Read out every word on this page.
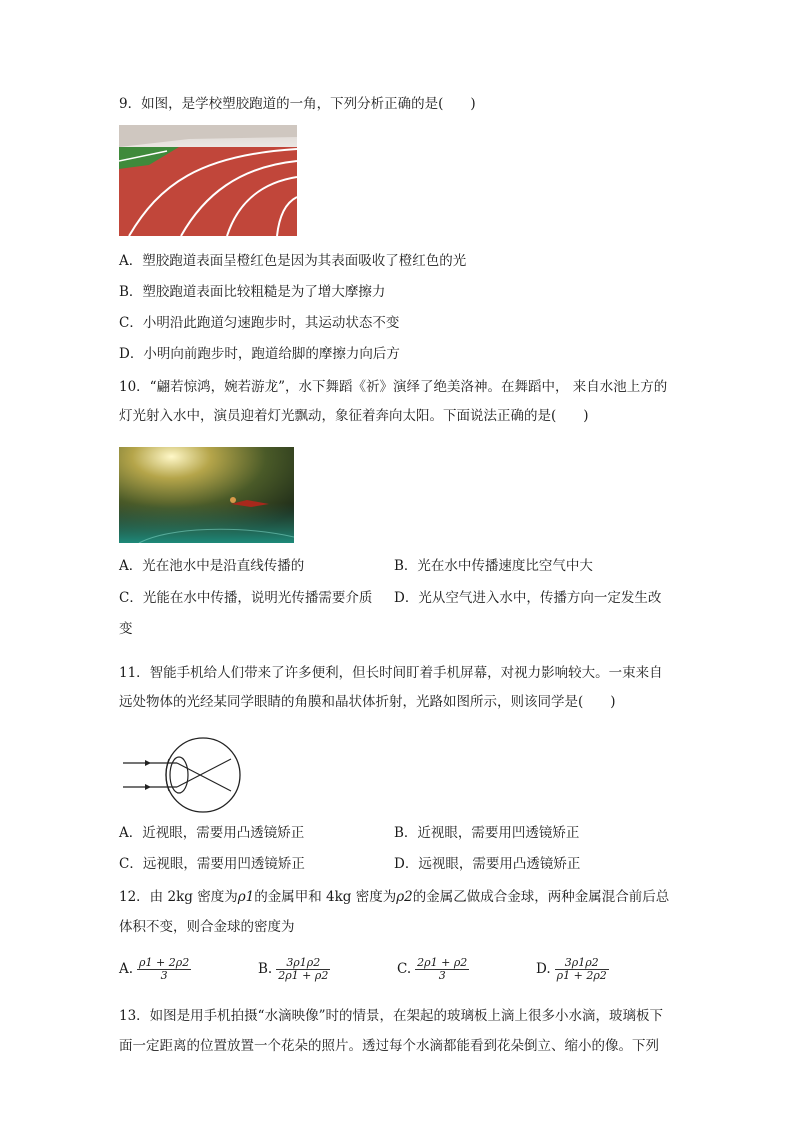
9．如图，是学校塑胶跑道的一角，下列分析正确的是(　　)
A．塑胶跑道表面呈橙红色是因为其表面吸收了橙红色的光
B．塑胶跑道表面比较粗糙是为了增大摩擦力
C．小明沿此跑道匀速跑步时，其运动状态不变
D．小明向前跑步时，跑道给脚的摩擦力向后方
10．“翩若惊鸿，婉若游龙”，水下舞蹈《祈》演绎了绝美洛神。在舞蹈中， 来自水池上方的
灯光射入水中，演员迎着灯光飘动，象征着奔向太阳。下面说法正确的是(　　)
A．光在池水中是沿直线传播的	B．光在水中传播速度比空气中大
C．光能在水中传播，说明光传播需要介质 D．光从空气进入水中，传播方向一定发生改
变
11．智能手机给人们带来了许多便利，但长时间盯着手机屏幕，对视力影响较大。一束来自
远处物体的光经某同学眼睛的角膜和晶状体折射，光路如图所示，则该同学是(　　)
A．近视眼，需要用凸透镜矫正	B．近视眼，需要用凹透镜矫正
C．远视眼，需要用凹透镜矫正	D．远视眼，需要用凸透镜矫正
12．由 2kg 密度为ρ1的金属甲和 4kg 密度为ρ2的金属乙做成合金球，两种金属混合前后总
体积不变，则合金球的密度为
A. $\frac{\rho 1 + 2\rho 2}{3}$	B. $\frac{3\rho 1\rho 2}{2\rho 1 + \rho 2}$	C. $\frac{2\rho 1 + \rho 2}{3}$	D. $\frac{3\rho 1\rho 2}{\rho 1 + 2\rho 2}$
13．如图是用手机拍摄“水滴映像”时的情景，在架起的玻璃板上滴上很多小水滴，玻璃板下
面一定距离的位置放置一个花朵的照片。透过每个水滴都能看到花朵倒立、缩小的像。下列
